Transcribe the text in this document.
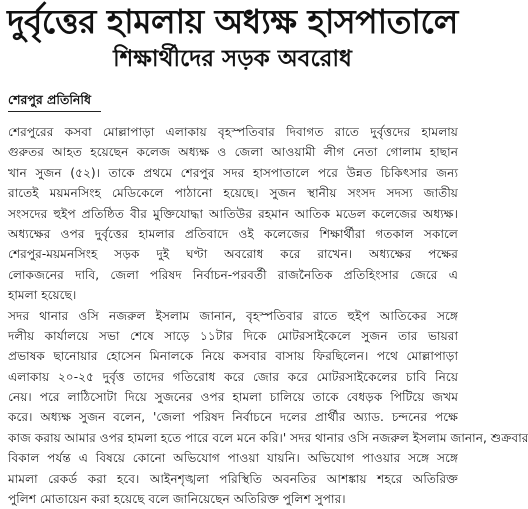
দুর্বৃত্তের হামলায় অধ্যক্ষ হাসপাতালে
শিক্ষার্থীদের সড়ক অবরোধ
শেরপুর প্রতিনিধি
শেরপুরের কসবা মোল্লাপাড়া এলাকায় বৃহস্পতিবার দিবাগত রাতে দুর্বৃত্তদের হামলায়
গুরুতর আহত হয়েছেন কলেজ অধ্যক্ষ ও জেলা আওয়ামী লীগ নেতা গোলাম হাছান
খান সুজন (৫২)। তাকে প্রথমে শেরপুর সদর হাসপাতালে পরে উন্নত চিকিৎসার জন্য
রাতেই ময়মনসিংহ মেডিকেলে পাঠানো হয়েছে। সুজন স্থানীয় সংসদ সদস্য জাতীয়
সংসদের হুইপ প্রতিষ্ঠিত বীর মুক্তিযোদ্ধা আতিউর রহমান আতিক মডেল কলেজের অধ্যক্ষ।
অধ্যক্ষের ওপর দুর্বৃত্তের হামলার প্রতিবাদে ওই কলেজের শিক্ষার্থীরা গতকাল সকালে
শেরপুর-ময়মনসিংহ সড়ক দুই ঘণ্টা অবরোধ করে রাখেন। অধ্যক্ষের পক্ষের
লোকজনের দাবি, জেলা পরিষদ নির্বাচন-পরবর্তী রাজনৈতিক প্রতিহিংসার জেরে এ
হামলা হয়েছে।
সদর থানার ওসি নজরুল ইসলাম জানান, বৃহস্পতিবার রাতে হুইপ আতিকের সঙ্গে
দলীয় কার্যালয়ে সভা শেষে সাড়ে ১১টার দিকে মোটরসাইকেলে সুজন তার ভায়রা
প্রভাষক ছানোয়ার হোসেন মিনালকে নিয়ে কসবার বাসায় ফিরছিলেন। পথে মোল্লাপাড়া
এলাকায় ২০-২৫ দুর্বৃত্ত তাদের গতিরোধ করে জোর করে মোটরসাইকেলের চাবি নিয়ে
নেয়। পরে লাঠিসোটা দিয়ে সুজনের ওপর হামলা চালিয়ে তাকে বেধড়ক পিটিয়ে জখম
করে। অধ্যক্ষ সুজন বলেন, 'জেলা পরিষদ নির্বাচনে দলের প্রার্থীর অ্যাড. চন্দনের পক্ষে
কাজ করায় আমার ওপর হামলা হতে পারে বলে মনে করি।' সদর থানার ওসি নজরুল ইসলাম জানান, শুক্রবার
বিকাল পর্যন্ত এ বিষয়ে কোনো অভিযোগ পাওয়া যায়নি। অভিযোগ পাওয়ার সঙ্গে সঙ্গে
মামলা রেকর্ড করা হবে। আইনশৃঙ্খলা পরিস্থিতি অবনতির আশঙ্কায় শহরে অতিরিক্ত
পুলিশ মোতায়েন করা হয়েছে বলে জানিয়েছেন অতিরিক্ত পুলিশ সুপার।
